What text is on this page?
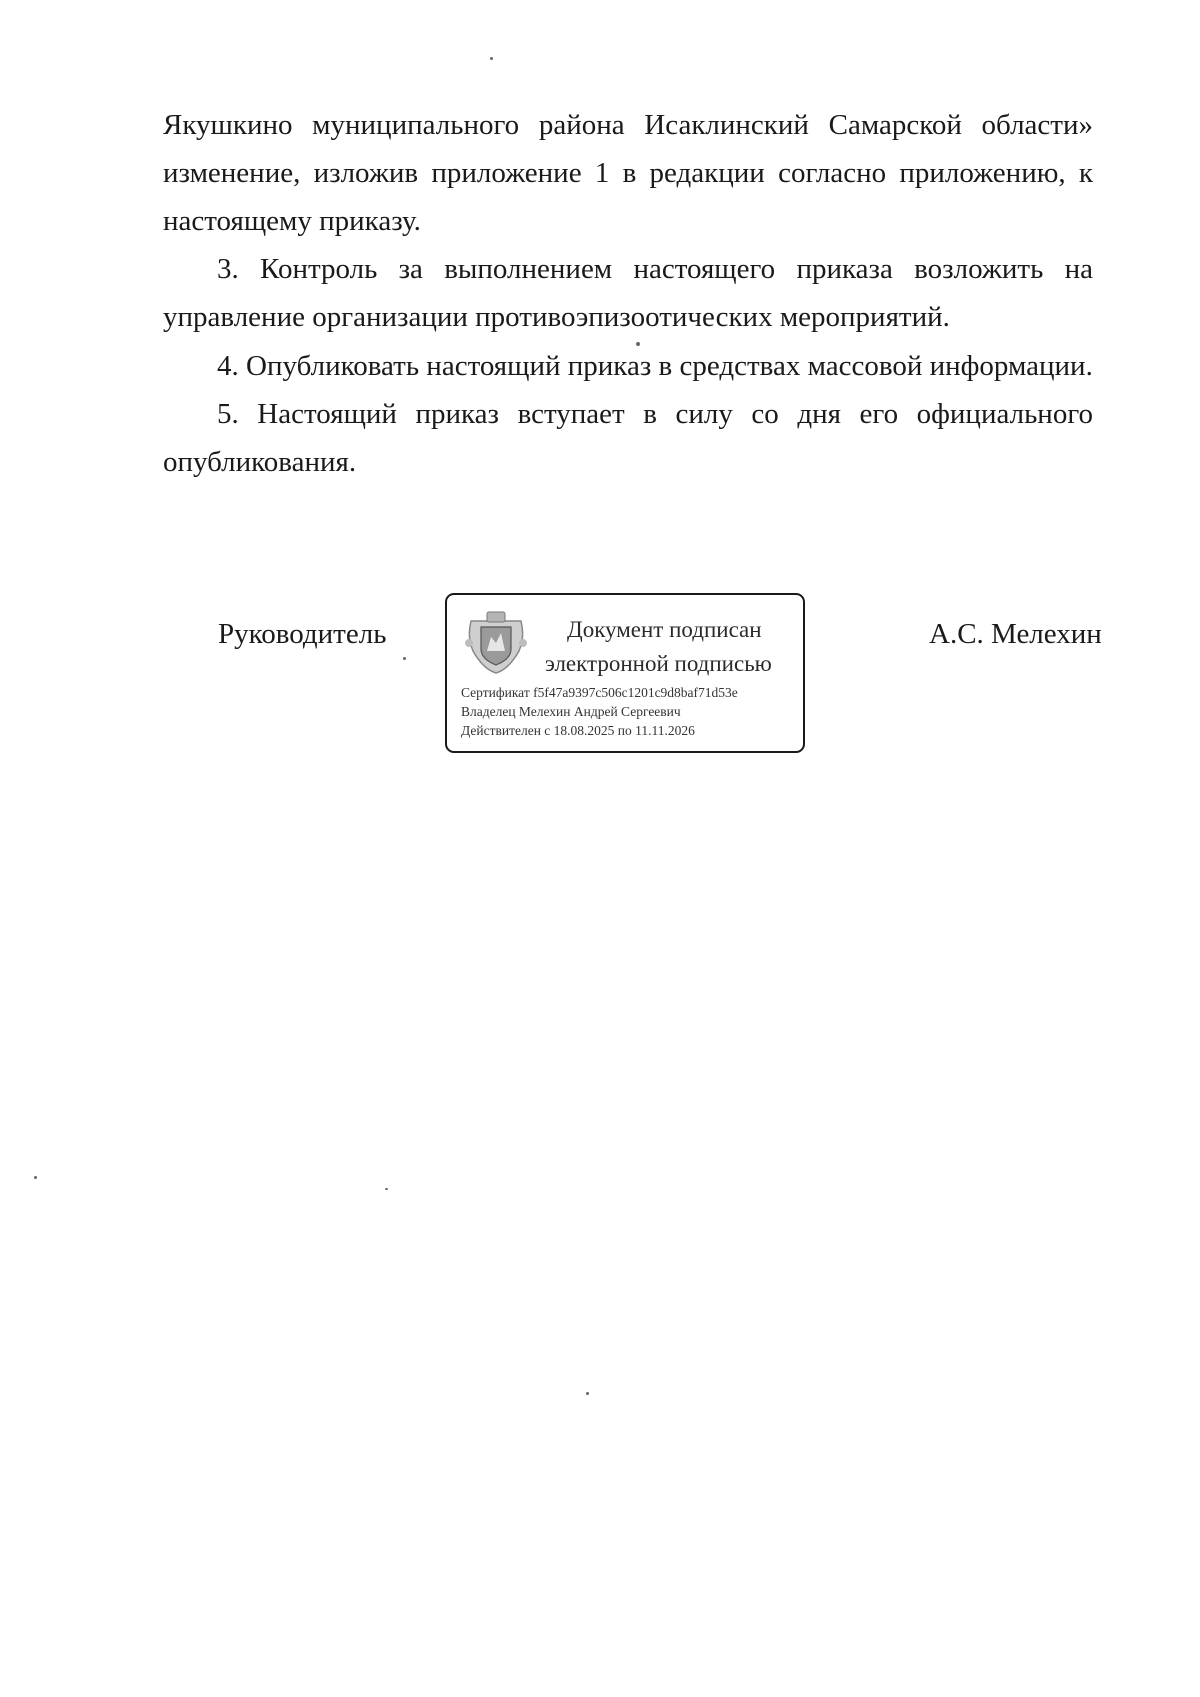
Якушкино муниципального района Исаклинский Самарской области» изменение, изложив приложение 1 в редакции согласно приложению, к настоящему приказу.
3. Контроль за выполнением настоящего приказа возложить на управление организации противоэпизоотических мероприятий.
4. Опубликовать настоящий приказ в средствах массовой информации.
5. Настоящий приказ вступает в силу со дня его официального опубликования.
Руководитель	Документ подписан
электронной подписью
Сертификат f5f47a9397c506c1201c9d8baf71d53e
Владелец Мелехин Андрей Сергеевич
Действителен с 18.08.2025 по 11.11.2026
А.С. Мелехин
